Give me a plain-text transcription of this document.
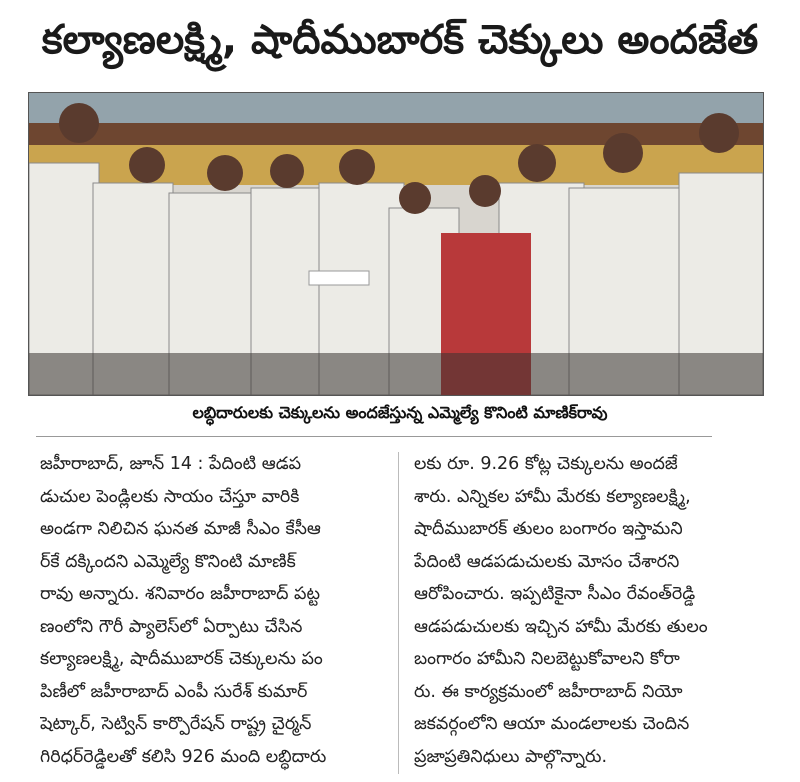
కల్యాణలక్ష్మి, షాదీముబారక్ చెక్కులు అందజేత
లబ్ధిదారులకు చెక్కులను అందజేస్తున్న ఎమ్మెల్యే కొనింటి మాణిక్‌రావు
జహీరాబాద్, జూన్ 14 : పేదింటి ఆడప
డుచుల పెండ్లిలకు సాయం చేస్తూ వారికి
అండగా నిలిచిన ఘనత మాజీ సీఎం కేసీఆ
ర్‌కే దక్కిందని ఎమ్మెల్యే కొనింటి మాణిక్
రావు అన్నారు. శనివారం జహీరాబాద్ పట్ట
ణంలోని గౌరీ ప్యాలెస్‌లో ఏర్పాటు చేసిన
కల్యాణలక్ష్మి, షాదీముబారక్ చెక్కులను పం
పిణీలో జహీరాబాద్ ఎంపీ సురేశ్ కుమార్
షెట్కార్, సెట్విన్ కార్పొరేషన్ రాష్ట్ర చైర్మన్
గిరిధర్‌రెడ్డిలతో కలిసి 926 మంది లబ్ధిదారు
లకు రూ. 9.26 కోట్ల చెక్కులను అందజే
శారు. ఎన్నికల హామీ మేరకు కల్యాణలక్ష్మి,
షాదీముబారక్ తులం బంగారం ఇస్తామని
పేదింటి ఆడపడుచులకు మోసం చేశారని
ఆరోపించారు. ఇప్పటికైనా సీఎం రేవంత్‌రెడ్డి
ఆడపడుచులకు ఇచ్చిన హామీ మేరకు తులం
బంగారం హామీని నిలబెట్టుకోవాలని కోరా
రు. ఈ కార్యక్రమంలో జహీరాబాద్ నియో
జకవర్గంలోని ఆయా మండలాలకు చెందిన
ప్రజాప్రతినిధులు పాల్గొన్నారు.
